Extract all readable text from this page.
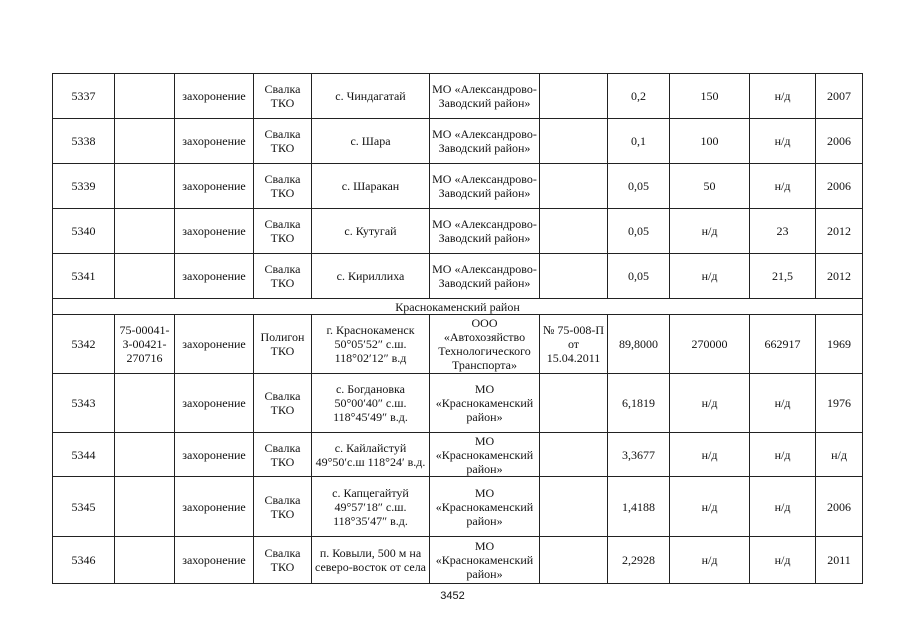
5337		захоронение	Свалка ТКО	с. Чиндагатай	МО «Александрово-Заводский район»		0,2	150	н/д	2007
5338		захоронение	Свалка ТКО	с. Шара	МО «Александрово-Заводский район»		0,1	100	н/д	2006
5339		захоронение	Свалка ТКО	с. Шаракан	МО «Александрово-Заводский район»		0,05	50	н/д	2006
5340		захоронение	Свалка ТКО	с. Кутугай	МО «Александрово-Заводский район»		0,05	н/д	23	2012
5341		захоронение	Свалка ТКО	с. Кириллиха	МО «Александрово-Заводский район»		0,05	н/д	21,5	2012
Краснокаменский район										
5342	75-00041-З-00421-270716	захоронение	Полигон ТКО	г. Краснокаменск 50°05′52″ с.ш. 118°02′12″ в.д	ООО «Автохозяйство Технологического Транспорта»	№ 75-008-П от 15.04.2011	89,8000	270000	662917	1969
5343		захоронение	Свалка ТКО	с. Богдановка 50°00′40″ с.ш. 118°45′49″ в.д.	МО «Краснокаменский район»		6,1819	н/д	н/д	1976
5344		захоронение	Свалка ТКО	с. Кайлайстуй 49°50′с.ш 118°24′ в.д.	МО «Краснокаменский район»		3,3677	н/д	н/д	н/д
5345		захоронение	Свалка ТКО	с. Капцегайтуй 49°57′18″ с.ш. 118°35′47″ в.д.	МО «Краснокаменский район»		1,4188	н/д	н/д	2006
5346		захоронение	Свалка ТКО	п. Ковыли, 500 м на северо-восток от села	МО «Краснокаменский район»		2,2928	н/д	н/д	2011
3452
